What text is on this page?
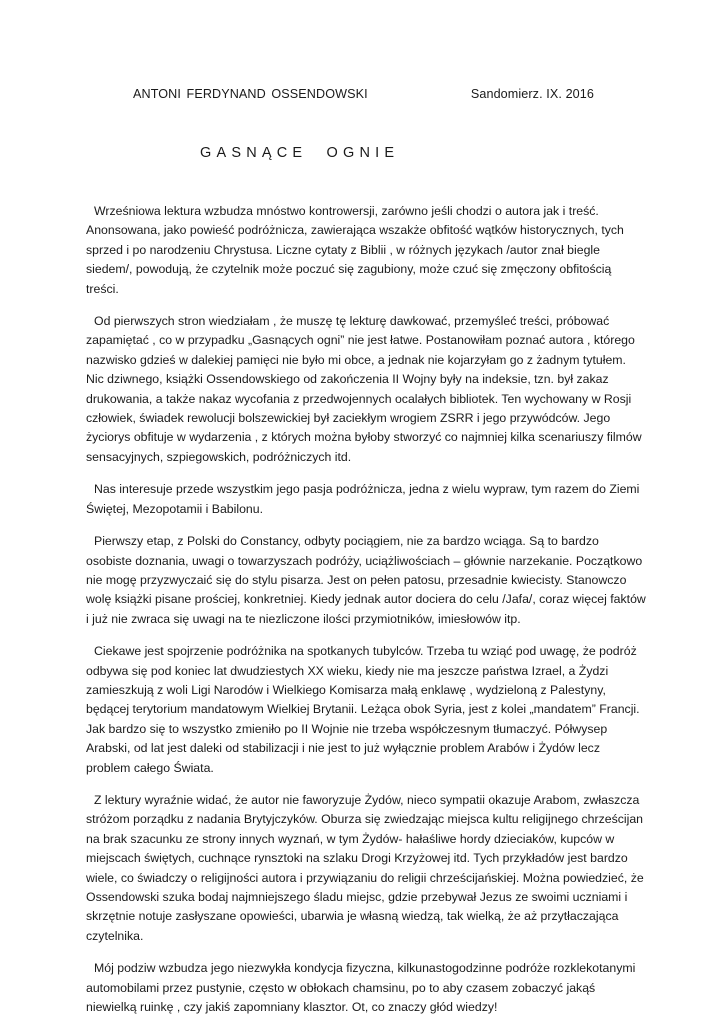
ANTONI FERDYNAND OSSENDOWSKI	Sandomierz. IX. 2016
GASNĄCE OGNIE

Wrześniowa lektura wzbudza mnóstwo kontrowersji, zarówno jeśli chodzi o autora jak i treść. Anonsowana, jako powieść podróżnicza, zawierająca wszakże obfitość wątków historycznych, tych sprzed i po narodzeniu Chrystusa. Liczne cytaty z Biblii , w różnych językach /autor znał biegle siedem/, powodują, że czytelnik może poczuć się zagubiony, może czuć się zmęczony obfitością treści.

Od pierwszych stron wiedziałam , że muszę tę lekturę dawkować, przemyśleć treści, próbować zapamiętać , co w przypadku „Gasnących ogni” nie jest łatwe. Postanowiłam poznać autora , którego nazwisko gdzieś w dalekiej pamięci nie było mi obce, a jednak nie kojarzyłam go z żadnym tytułem. Nic dziwnego, książki Ossendowskiego od zakończenia II Wojny były na indeksie, tzn. był zakaz drukowania, a także nakaz wycofania z przedwojennych ocalałych bibliotek. Ten wychowany w Rosji człowiek, świadek rewolucji bolszewickiej był zaciekłym wrogiem ZSRR i jego przywódców. Jego życiorys obfituje w wydarzenia , z których można byłoby stworzyć co najmniej kilka scenariuszy filmów sensacyjnych, szpiegowskich, podróżniczych itd.

Nas interesuje przede wszystkim jego pasja podróżnicza, jedna z wielu wypraw, tym razem do Ziemi Świętej, Mezopotamii i Babilonu.

Pierwszy etap, z Polski do Constancy, odbyty pociągiem, nie za bardzo wciąga. Są to bardzo osobiste doznania, uwagi o towarzyszach podróży, uciążliwościach – głównie narzekanie. Początkowo nie mogę przyzwyczaić się do stylu pisarza. Jest on pełen patosu, przesadnie kwiecisty. Stanowczo wolę książki pisane prościej, konkretniej. Kiedy jednak autor dociera do celu /Jafa/, coraz więcej faktów i już nie zwraca się uwagi na te niezliczone ilości przymiotników, imiesłowów itp.

Ciekawe jest spojrzenie podróżnika na spotkanych tubylców. Trzeba tu wziąć pod uwagę, że podróż odbywa się pod koniec lat dwudziestych XX wieku, kiedy nie ma jeszcze państwa Izrael, a Żydzi zamieszkują z woli Ligi Narodów i Wielkiego Komisarza małą enklawę , wydzieloną z Palestyny, będącej terytorium mandatowym Wielkiej Brytanii. Leżąca obok Syria, jest z kolei „mandatem” Francji. Jak bardzo się to wszystko zmieniło po II Wojnie nie trzeba współczesnym tłumaczyć. Półwysep Arabski, od lat jest daleki od stabilizacji i nie jest to już wyłącznie problem Arabów i Żydów lecz problem całego Świata.

Z lektury wyraźnie widać, że autor nie faworyzuje Żydów, nieco sympatii okazuje Arabom, zwłaszcza stróżom porządku z nadania Brytyjczyków. Oburza się zwiedzając miejsca kultu religijnego chrześcijan na brak szacunku ze strony innych wyznań, w tym Żydów- hałaśliwe hordy dzieciaków, kupców w miejscach świętych, cuchnące rynsztoki na szlaku Drogi Krzyżowej itd. Tych przykładów jest bardzo wiele, co świadczy o religijności autora i przywiązaniu do religii chrześcijańskiej. Można powiedzieć, że Ossendowski szuka bodaj najmniejszego śladu miejsc, gdzie przebywał Jezus ze swoimi uczniami i skrzętnie notuje zasłyszane opowieści, ubarwia je własną wiedzą, tak wielką, że aż przytłaczająca czytelnika.

Mój podziw wzbudza jego niezwykła kondycja fizyczna, kilkunastogodzinne podróże rozklekotanymi automobilami przez pustynie, często w obłokach chamsinu, po to aby czasem zobaczyć jakąś niewielką ruinkę , czy jakiś zapomniany klasztor. Ot, co znaczy głód wiedzy!
